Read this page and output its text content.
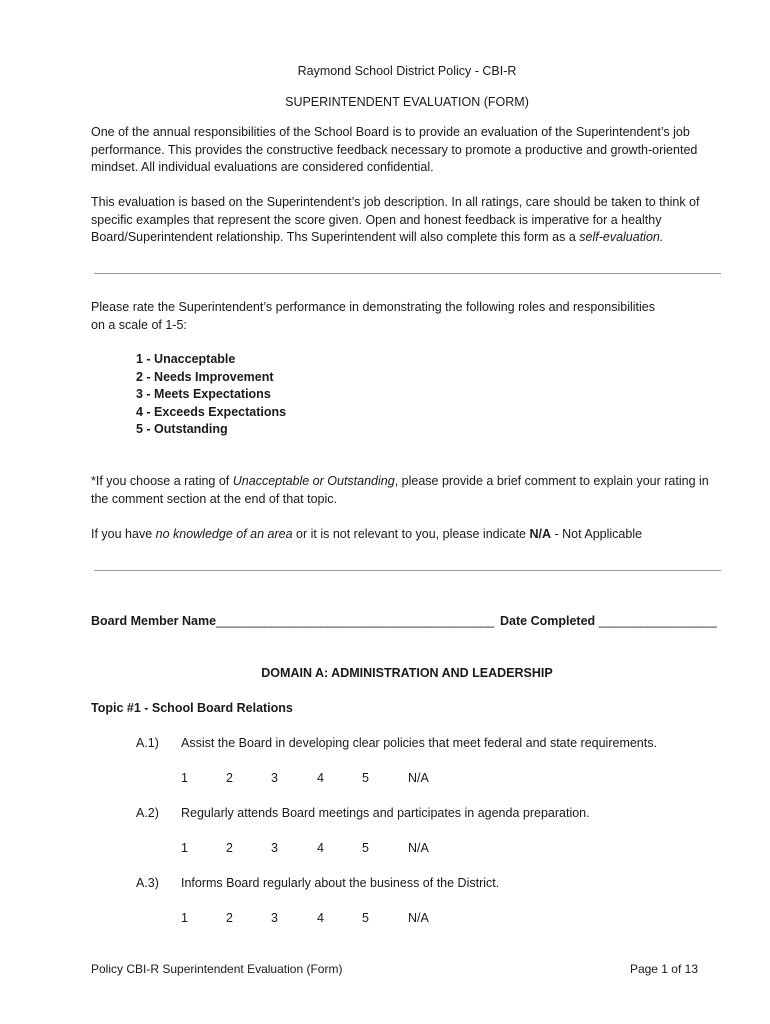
Raymond School District Policy - CBI-R
SUPERINTENDENT EVALUATION (FORM)
One of the annual responsibilities of the School Board is to provide an evaluation of the Superintendent’s job performance. This provides the constructive feedback necessary to promote a productive and growth-oriented mindset. All individual evaluations are considered confidential.
This evaluation is based on the Superintendent’s job description. In all ratings, care should be taken to think of specific examples that represent the score given. Open and honest feedback is imperative for a healthy Board/Superintendent relationship. Ths Superintendent will also complete this form as a self-evaluation.
Please rate the Superintendent’s performance in demonstrating the following roles and responsibilities
on a scale of 1-5:
1 - Unacceptable
2 - Needs Improvement
3 - Meets Expectations
4 - Exceeds Expectations
5 - Outstanding
*If you choose a rating of Unacceptable or Outstanding, please provide a brief comment to explain your rating in the comment section at the end of that topic.
If you have no knowledge of an area or it is not relevant to you, please indicate N/A - Not Applicable
Board Member Name________________________________________ Date Completed _________________
DOMAIN A: ADMINISTRATION AND LEADERSHIP
Topic #1 - School Board Relations
A.1) Assist the Board in developing clear policies that meet federal and state requirements.
1	2	3	4	5	N/A
A.2) Regularly attends Board meetings and participates in agenda preparation.
1	2	3	4	5	N/A
A.3) Informs Board regularly about the business of the District.
1	2	3	4	5	N/A
Policy CBI-R Superintendent Evaluation (Form)	Page 1 of 13
